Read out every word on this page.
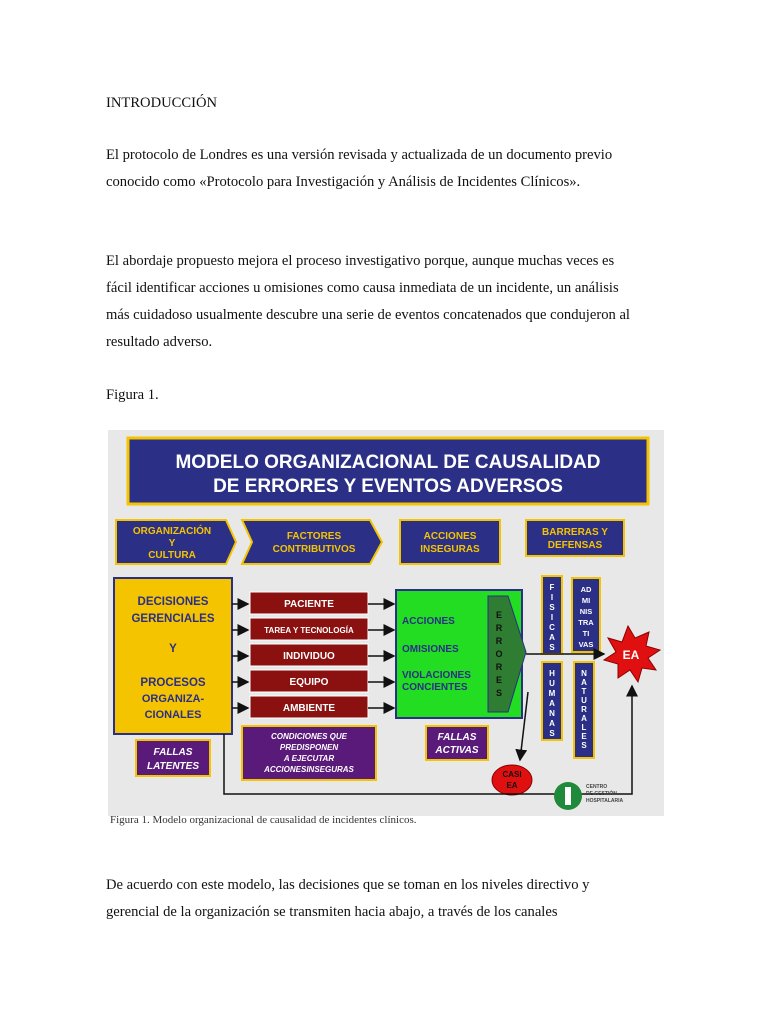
INTRODUCCIÓN

El protocolo de Londres es una versión revisada y actualizada de un documento previo

conocido como «Protocolo para Investigación y Análisis de Incidentes Clínicos».

El abordaje propuesto mejora el proceso investigativo porque, aunque muchas veces es

fácil identificar acciones u omisiones como causa inmediata de un incidente, un análisis

más cuidadoso usualmente descubre una serie de eventos concatenados que condujeron al

resultado adverso.

Figura 1.

MODELO ORGANIZACIONAL DE CAUSALIDAD
DE ERRORES Y EVENTOS ADVERSOS
ORGANIZACIÓN
Y
CULTURA
FACTORES
CONTRIBUTIVOS
ACCIONES
INSEGURAS
BARRERAS Y
DEFENSAS
DECISIONES
GERENCIALES
Y
PROCESOS
ORGANIZA-
CIONALES
PACIENTE
TAREA Y TECNOLOGÍA
INDIVIDUO
EQUIPO
AMBIENTE
ACCIONES
OMISIONES
VIOLACIONES
CONCIENTES
E
R
R
O
R
E
S
F
I
S
I
C
A
S
H
U
M
A
N
A
S
AD
MI
NIS
TRA
TI
VAS
N
A
T
U
R
A
L
E
S
EA
FALLAS
LATENTES
CONDICIONES QUE
PREDISPONEN
A EJECUTAR
ACCIONESINSEGURAS
FALLAS
ACTIVAS
CASI
EA	CENTRO
DE GESTIÓN
HOSPITALARIA
Figura 1. Modelo organizacional de causalidad de incidentes clínicos.

De acuerdo con este modelo, las decisiones que se toman en los niveles directivo y

gerencial de la organización se transmiten hacia abajo, a través de los canales
